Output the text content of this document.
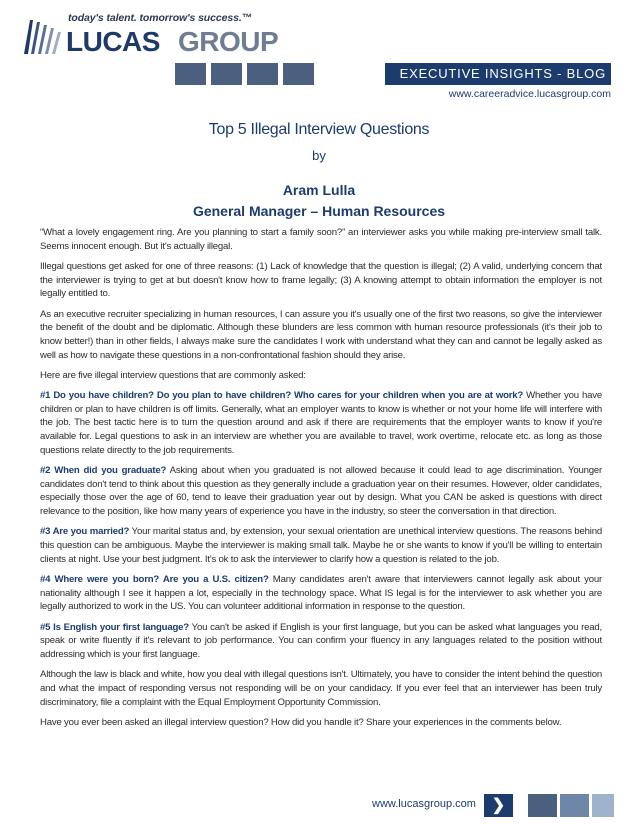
today's talent. tomorrow's success.™
LUCAS GROUP
EXECUTIVE INSIGHTS - BLOG
www.careeradvice.lucasgroup.com
Top 5 Illegal Interview Questions
by
Aram Lulla
General Manager – Human Resources

“What a lovely engagement ring. Are you planning to start a family soon?” an interviewer asks you while making pre-interview small talk. Seems innocent enough. But it's actually illegal.

Illegal questions get asked for one of three reasons: (1) Lack of knowledge that the question is illegal; (2) A valid, underlying concern that the interviewer is trying to get at but doesn't know how to frame legally; (3) A knowing attempt to obtain information the employer is not legally entitled to.

As an executive recruiter specializing in human resources, I can assure you it's usually one of the first two reasons, so give the interviewer the benefit of the doubt and be diplomatic. Although these blunders are less common with human resource professionals (it's their job to know better!) than in other fields, I always make sure the candidates I work with understand what they can and cannot be legally asked as well as how to navigate these questions in a non-confrontational fashion should they arise.

Here are five illegal interview questions that are commonly asked:

#1 Do you have children? Do you plan to have children? Who cares for your children when you are at work? Whether you have children or plan to have children is off limits. Generally, what an employer wants to know is whether or not your home life will interfere with the job. The best tactic here is to turn the question around and ask if there are requirements that the employer wants to know if you're available for. Legal questions to ask in an interview are whether you are available to travel, work overtime, relocate etc. as long as those questions relate directly to the job requirements.

#2 When did you graduate? Asking about when you graduated is not allowed because it could lead to age discrimination. Younger candidates don't tend to think about this question as they generally include a graduation year on their resumes. However, older candidates, especially those over the age of 60, tend to leave their graduation year out by design. What you CAN be asked is questions with direct relevance to the position, like how many years of experience you have in the industry, so steer the conversation in that direction.

#3 Are you married? Your marital status and, by extension, your sexual orientation are unethical interview questions. The reasons behind this question can be ambiguous. Maybe the interviewer is making small talk. Maybe he or she wants to know if you'll be willing to entertain clients at night. Use your best judgment. It's ok to ask the interviewer to clarify how a question is related to the job.

#4 Where were you born? Are you a U.S. citizen? Many candidates aren't aware that interviewers cannot legally ask about your nationality although I see it happen a lot, especially in the technology space. What IS legal is for the interviewer to ask whether you are legally authorized to work in the US. You can volunteer additional information in response to the question.

#5 Is English your first language? You can't be asked if English is your first language, but you can be asked what languages you read, speak or write fluently if it's relevant to job performance. You can confirm your fluency in any languages related to the position without addressing which is your first language.

Although the law is black and white, how you deal with illegal questions isn't. Ultimately, you have to consider the intent behind the question and what the impact of responding versus not responding will be on your candidacy. If you ever feel that an interviewer has been truly discriminatory, file a complaint with the Equal Employment Opportunity Commission.

Have you ever been asked an illegal interview question? How did you handle it? Share your experiences in the comments below.

www.lucasgroup.com ❯
